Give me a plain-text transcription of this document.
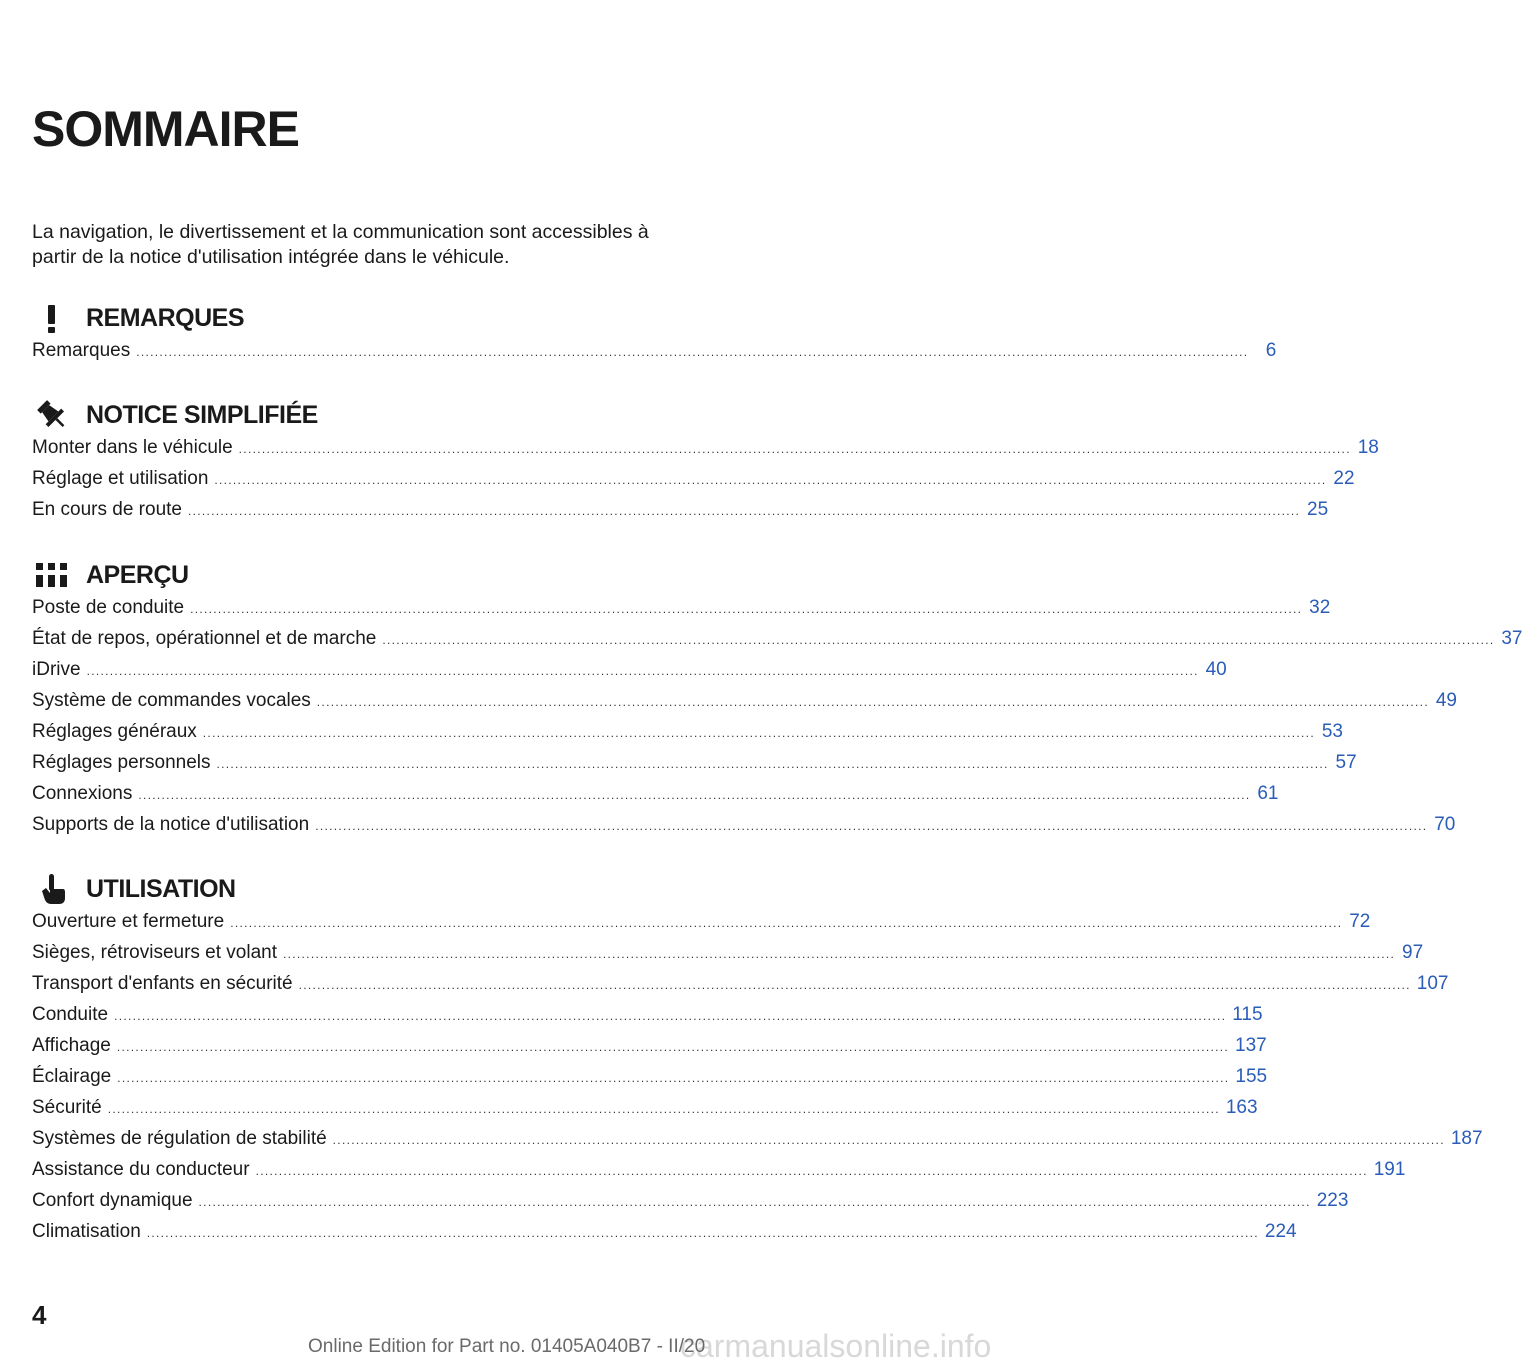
SOMMAIRE
La navigation, le divertissement et la communication sont accessibles à partir de la notice d'utilisation intégrée dans le véhicule.
REMARQUES
Remarques .....	6
NOTICE SIMPLIFIÉE
Monter dans le véhicule .....	18
Réglage et utilisation .....	22
En cours de route .....	25
APERÇU
Poste de conduite .....	32
État de repos, opérationnel et de marche .....	37
iDrive .....	40
Système de commandes vocales .....	49
Réglages généraux .....	53
Réglages personnels .....	57
Connexions .....	61
Supports de la notice d'utilisation .....	70
UTILISATION
Ouverture et fermeture .....	72
Sièges, rétroviseurs et volant .....	97
Transport d'enfants en sécurité .....	107
Conduite .....	115
Affichage .....	137
Éclairage .....	155
Sécurité .....	163
Systèmes de régulation de stabilité .....	187
Assistance du conducteur .....	191
Confort dynamique .....	223
Climatisation .....	224
4
carmanualsonline.info
Online Edition for Part no. 01405A040B7 - II/20
